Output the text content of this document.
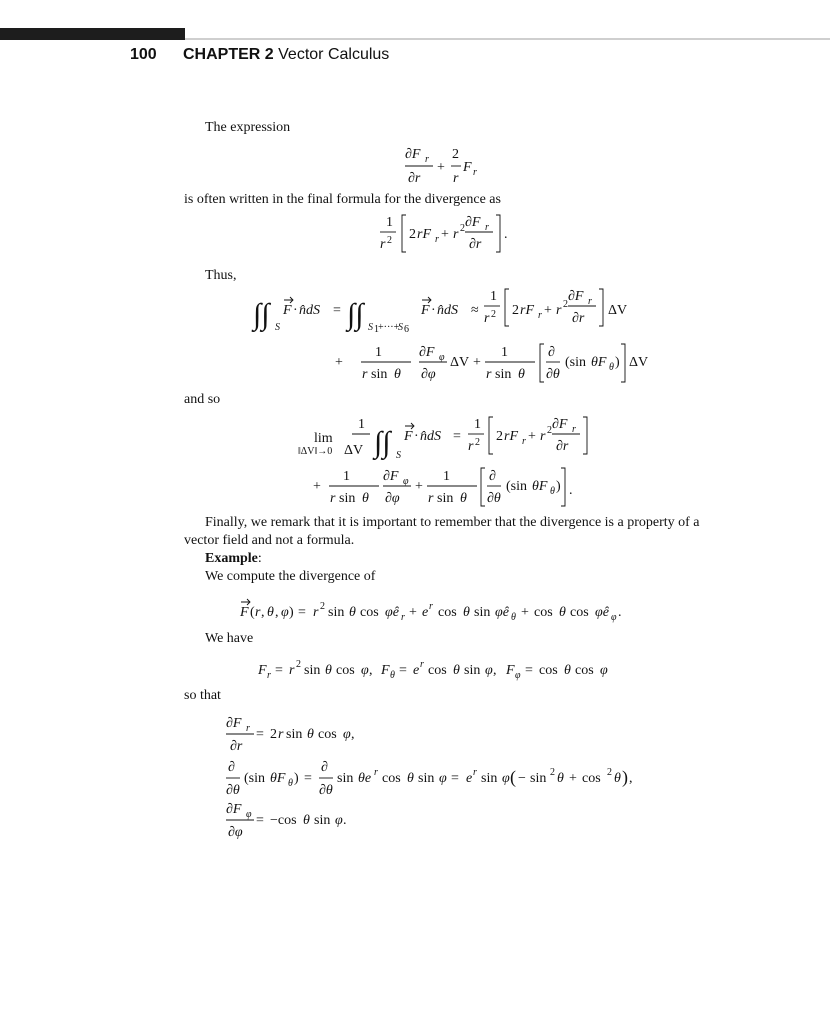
100 CHAPTER 2 Vector Calculus
The expression
∂F r
∂r
+
2
r
F r
is often written in the final formula for the divergence as
1
r 2 2 rF r + r 2 ∂F r
∂r
.
Thus,
∫∫ S
F · n̂dS = ∫∫ S 1 +···+
S 6
F · n̂dS ≈
1
r 2 2 rF r + r 2
∂F r
∂r
ΔV
+
1
r sin θ
∂F φ
∂φ
ΔV +
1
r sin θ
∂
∂θ
(sin θF θ ) ΔV
and so
lim
‖ΔV‖→0 ΔV
1
∫∫ S
F · n̂dS =
1
r 2 2 rF r + r 2 ∂F r
∂r
+
1
r sin θ
∂F φ
∂φ
+
1
r sin θ
∂
∂θ
(sin θF θ ) .
Finally, we remark that it is important to remember that the divergence is a property of a vector field and not a formula.
Example:
We compute the divergence of
F ( r , θ , φ ) = r 2 sin θ cos φê r + e r cos θ sin φê θ + cos θ cos φê φ .
We have
F r = r 2 sin θ cos φ , F θ = e r cos θ sin φ , F φ = cos θ cos φ
so that
∂F r
∂r
= 2 r sin θ cos φ ,
∂
∂θ
(sin θF θ ) =
∂
∂θ
sin θe r cos θ sin φ = e r sin φ ( − sin 2 θ + cos 2 θ ) ,
∂F φ
∂φ
= −cos θ sin φ .
